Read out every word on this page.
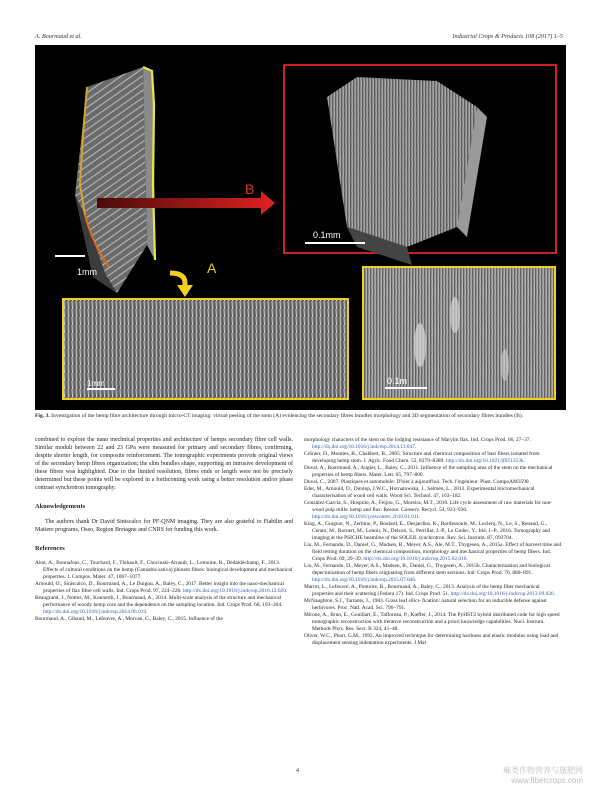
A. Bourmaud et al.	Industrial Crops & Products 108 (2017) 1–5
B
A
0.1mm
1mm
1mm	0.1m
Fig. 3. Investigation of the hemp fibre architecture through micro-CT imaging: virtual peeling of the stem (A) evidencing the secondary fibres bundles morphology and 3D segmentation of secondary fibres bundles (B).

combined to explore the nano mechnical properties and architecture of hemps secondary fibre cell walls. Similar moduli between 22 and 23 GPa were measured for primary and secondary fibres, confirming, despite shorter length, for composite reinforcement. The tomographic experiments provide original views of the secondary hemp fibres organization; the slim bundles shape, supporting an intrusive development of these fibres was highlighted. Due to the limited resolution, fibres ends or length were not be precisely determined but these points will be explored in a forthcoming work using a better resolution and/or phase contrast synchrotron tomography.

Aknowledgements

The authors thank Dr David Siniscalco for PF-QNM imaging. They are also grateful to Fiabilin and Matiere programs, Oseo, Region Bretagne and CNRS for funding this work.

References

Abot, A., Bonnafous, C., Touchard, F., Thibault, F., Chocinski-Arnault, L., Lemoine, R., Dédaldéchamp, F., 2013. Effects of cultural conditions on the hemp (Cannabis sativa) phloem fibres: biological development and mechanical properties. J. Compos. Mater. 47, 1067–1077.

Arnould, O., Siniscalco, D., Bourmaud, A., Le Duigou, A., Baley, C., 2017. Better insight into the nano-mechanical properties of flax fibre cell walls. Ind. Crops Prod. 97, 224–228. http://dx.doi.org/10.1016/j.indcrop.2016.12.020.

Beaugrand, J., Nottez, M., Konnerth, J., Bourmaud, A., 2014. Multi-scale analysis of the structure and mechanical performance of woody hemp core and the dependence on the sampling location. Ind. Crops Prod. 60, 193–204. http://dx.doi.org/10.1016/j.indcrop.2014.06.019.

Bourmaud, A., Gibaud, M., Lefeuvre, A., Morvan, C., Baley, C., 2015. Influence of the

morphology characters of the stem on the lodging resistance of Marylin flax. Ind. Crops Prod. 66, 27–37. http://dx.doi.org/10.1016/j.indcrop.2014.11.047.

Crônier, D., Monties, B., Chabbert, B., 2005. Structure and chemical composition of bast fibers isolated from developing hemp stem. J. Agric. Food Chem. 53, 8279–8289. http://dx.doi.org/10.1021/jf051253k.

Duval, A., Bourmaud, A., Augier, L., Baley, C., 2011. Influence of the sampling area of the stem on the mechanical properties of hemp fibers. Mater. Lett. 65, 797–800.

Duval, C., 2007. Plastiques et automobile: D'hier à aujourd'hui. Tech. l'ingénieur. Plast. CompoAM3590

Eder, M., Arnould, O., Dunlop, J.W.C., Hornatowska, J., Salmén, L., 2013. Experimental micromechanical characterisation of wood cell walls. Wood Sci. Technol. 47, 163–182.

González-García, S., Hospido, A., Feijoo, G., Moreira, M.T., 2010. Life cycle assessment of raw materials for non-wood pulp mills: hemp and flax. Resour. Conserv. Recycl. 54, 923–930. http://dx.doi.org/10.1016/j.resconrec.2010.01.011.

King, A., Guignot, N., Zerbino, P., Boulard, E., Desjardins, K., Bordessoule, M., Leclerq, N., Le, S., Renaud, G., Cerato, M., Bornert, M., Lenoir, N., Delzon, S., Perrillat, J.-P., Le Godec, Y., Itié, J.-P., 2016. Tomography and imaging at the PSICHE beamline of the SOLEIL synchrotron. Rev. Sci. Instrum. 87, 093704.

Liu, M., Fernando, D., Daniel, G., Madsen, B., Meyer, A.S., Ale, M.T., Thygesen, A., 2015a. Effect of harvest time and field retting duration on the chemical composition, morphology and mechanical properties of hemp fibers. Ind. Crops Prod. 69, 29–39. http://dx.doi.org/10.1016/j.indcrop.2015.02.010.

Liu, M., Fernando, D., Meyer, A.S., Madsen, B., Daniel, G., Thygesen, A., 2015b. Characterization and biological depectinization of hemp fibers originating from different stem sections. Ind. Crops Prod. 76, 880–891. http://dx.doi.org/10.1016/j.indcrop.2015.07.046.

Marrot, L., Lefeuvre, A., Pontoire, B., Bourmaud, A., Baley, C., 2013. Analysis of the hemp fiber mechanical properties and their scattering (Fedora 17). Ind. Crops Prod. 51. http://dx.doi.org/10.1016/j.indcrop.2013.09.026.

McNaughton, S.J., Tarrants, J., 1983. Grass leaf silici- fication: natural selection for an inducible defense against herbivores. Proc. Natl. Acad. Sci. 790–791.

Mirone, A., Brun, E., Gouillart, E., Tafforeau, P., Kieffer, J., 2014. The PyHST2 hybrid distributed code for high speed tomographic reconstruction with iterative reconstruction and a priori knowledge capabilities. Nucl. Instrum. Methods Phys. Res. Sect. B 324, 41–48.

Oliver, W.C., Pharr, G.M., 1992. An improved technique for determining hardness and elastic modulus using load and displacement sensing indentation experiments. J Mat

4	麻类作物营养与施肥网
www.fibercrops.com
